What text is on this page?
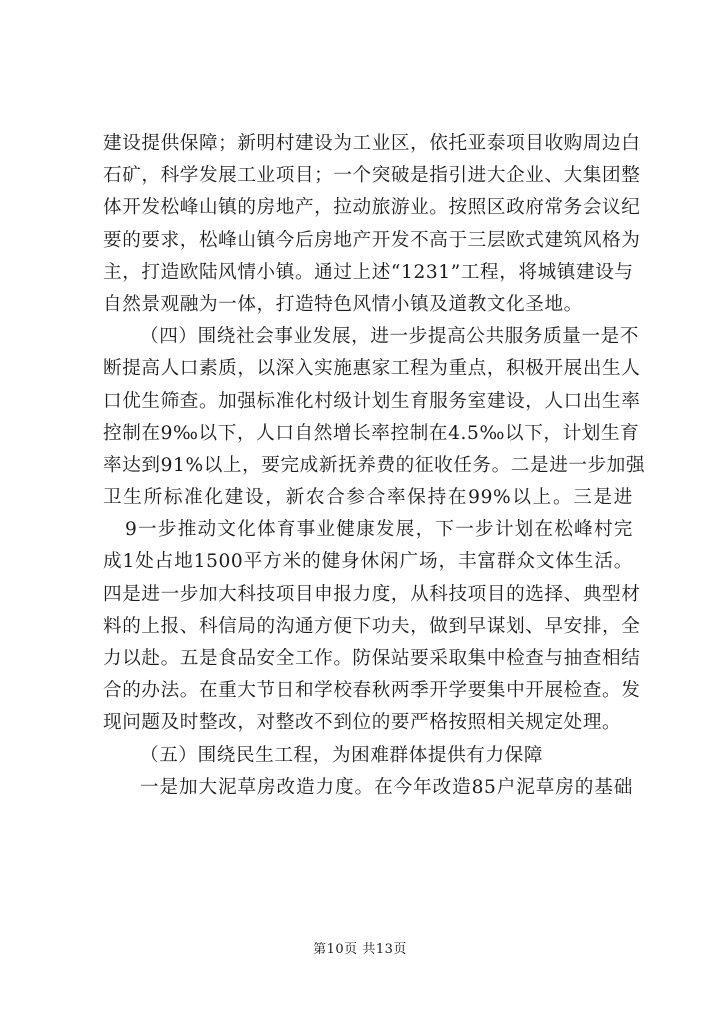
建设提供保障；新明村建设为工业区，依托亚泰项目收购周边白
石矿，科学发展工业项目；一个突破是指引进大企业、大集团整
体开发松峰山镇的房地产，拉动旅游业。按照区政府常务会议纪
要的要求，松峰山镇今后房地产开发不高于三层欧式建筑风格为
主，打造欧陆风情小镇。通过上述“1231”工程，将城镇建设与
自然景观融为一体，打造特色风情小镇及道教文化圣地。
（四）围绕社会事业发展，进一步提高公共服务质量一是不
断提高人口素质，以深入实施惠家工程为重点，积极开展出生人
口优生筛查。加强标准化村级计划生育服务室建设，人口出生率
控制在9‰以下，人口自然增长率控制在4.5‰以下，计划生育
率达到91%以上，要完成新抚养费的征收任务。二是进一步加强
卫生所标准化建设，新农合参合率保持在99%以上。三是进
9一步推动文化体育事业健康发展，下一步计划在松峰村完
成1处占地1500平方米的健身休闲广场，丰富群众文体生活。
四是进一步加大科技项目申报力度，从科技项目的选择、典型材
料的上报、科信局的沟通方便下功夫，做到早谋划、早安排，全
力以赴。五是食品安全工作。防保站要采取集中检查与抽查相结
合的办法。在重大节日和学校春秋两季开学要集中开展检查。发
现问题及时整改，对整改不到位的要严格按照相关规定处理。
（五）围绕民生工程，为困难群体提供有力保障
一是加大泥草房改造力度。在今年改造85户泥草房的基础
第10页 共13页
